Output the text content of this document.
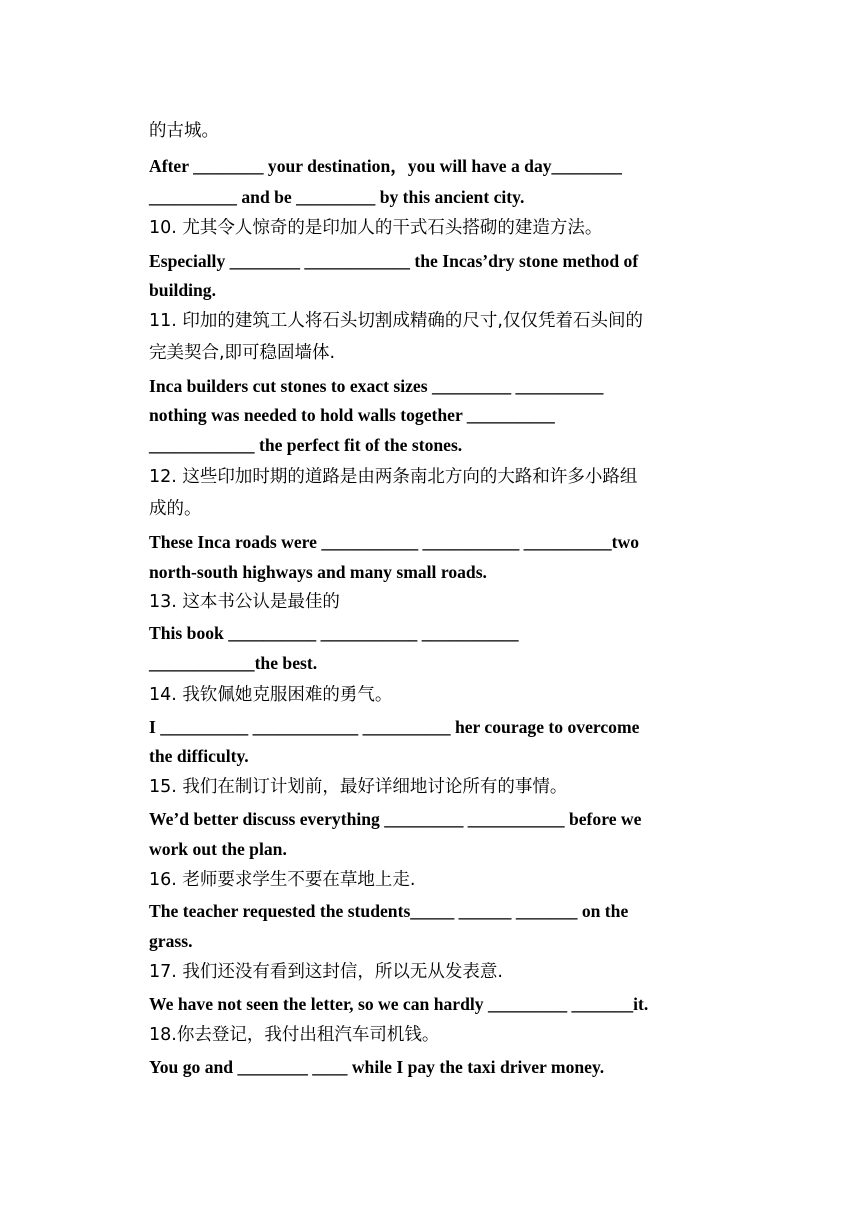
的古城。
After ________ your destination，you will have a day________
__________ and be _________ by this ancient city.
10. 尤其令人惊奇的是印加人的干式石头搭砌的建造方法。
Especially ________ ____________ the Incas’dry stone method of
building.
11. 印加的建筑工人将石头切割成精确的尺寸,仅仅凭着石头间的
完美契合,即可稳固墙体.
Inca builders cut stones to exact sizes _________ __________
nothing was needed to hold walls together __________
____________ the perfect fit of the stones.
12. 这些印加时期的道路是由两条南北方向的大路和许多小路组
成的。
These Inca roads were ___________ ___________ __________two
north-south highways and many small roads.
13. 这本书公认是最佳的
This book __________ ___________ ___________
____________the best.
14. 我钦佩她克服困难的勇气。
I __________ ____________ __________ her courage to overcome
the difficulty.
15. 我们在制订计划前，最好详细地讨论所有的事情。
We’d better discuss everything _________ ___________ before we
work out the plan.
16. 老师要求学生不要在草地上走.
The teacher requested the students_____ ______ _______ on the
grass.
17. 我们还没有看到这封信，所以无从发表意.
We have not seen the letter, so we can hardly _________ _______it.
18.你去登记，我付出租汽车司机钱。
You go and ________ ____ while I pay the taxi driver money.
